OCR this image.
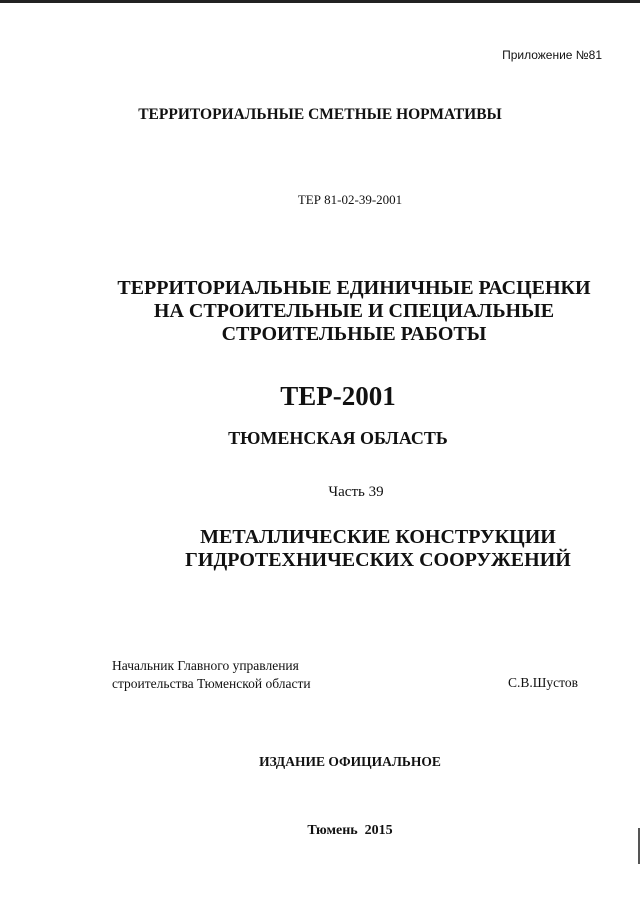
Приложение №81
ТЕРРИТОРИАЛЬНЫЕ СМЕТНЫЕ НОРМАТИВЫ
ТЕР 81-02-39-2001
ТЕРРИТОРИАЛЬНЫЕ ЕДИНИЧНЫЕ РАСЦЕНКИ
НА СТРОИТЕЛЬНЫЕ И СПЕЦИАЛЬНЫЕ
СТРОИТЕЛЬНЫЕ РАБОТЫ
ТЕР-2001
ТЮМЕНСКАЯ ОБЛАСТЬ
Часть 39
МЕТАЛЛИЧЕСКИЕ КОНСТРУКЦИИ
ГИДРОТЕХНИЧЕСКИХ СООРУЖЕНИЙ
Начальник Главного управления
строительства Тюменской области	С.В.Шустов
ИЗДАНИЕ ОФИЦИАЛЬНОЕ
Тюмень  2015
